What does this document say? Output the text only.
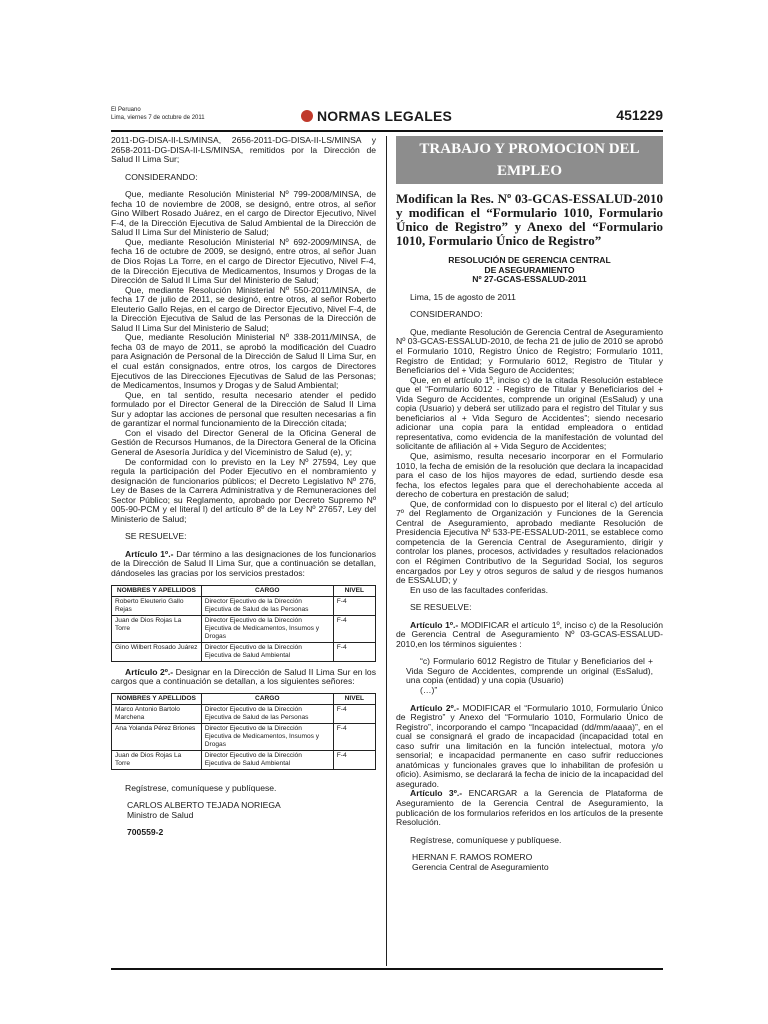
El Peruano
Lima, viernes 7 de octubre de 2011	NORMAS LEGALES	451229

2011-DG-DISA-II-LS/MINSA, 2656-2011-DG-DISA-II-LS/MINSA y 2658-2011-DG-DISA-II-LS/MINSA, remitidos por la Dirección de Salud II Lima Sur;

CONSIDERANDO:

Que, mediante Resolución Ministerial Nº 799-2008/MINSA, de fecha 10 de noviembre de 2008, se designó, entre otros, al señor Gino Wilbert Rosado Juárez, en el cargo de Director Ejecutivo, Nivel F-4, de la Dirección Ejecutiva de Salud Ambiental de la Dirección de Salud II Lima Sur del Ministerio de Salud;

Que, mediante Resolución Ministerial Nº 692-2009/MINSA, de fecha 16 de octubre de 2009, se designó, entre otros, al señor Juan de Dios Rojas La Torre, en el cargo de Director Ejecutivo, Nivel F-4, de la Dirección Ejecutiva de Medicamentos, Insumos y Drogas de la Dirección de Salud II Lima Sur del Ministerio de Salud;

Que, mediante Resolución Ministerial Nº 550-2011/MINSA, de fecha 17 de julio de 2011, se designó, entre otros, al señor Roberto Eleuterio Gallo Rejas, en el cargo de Director Ejecutivo, Nivel F-4, de la Dirección Ejecutiva de Salud de las Personas de la Dirección de Salud II Lima Sur del Ministerio de Salud;

Que, mediante Resolución Ministerial Nº 338-2011/MINSA, de fecha 03 de mayo de 2011, se aprobó la modificación del Cuadro para Asignación de Personal de la Dirección de Salud II Lima Sur, en el cual están consignados, entre otros, los cargos de Directores Ejecutivos de las Direcciones Ejecutivas de Salud de las Personas; de Medicamentos, Insumos y Drogas y de Salud Ambiental;

Que, en tal sentido, resulta necesario atender el pedido formulado por el Director General de la Dirección de Salud II Lima Sur y adoptar las acciones de personal que resulten necesarias a fin de garantizar el normal funcionamiento de la Dirección citada;

Con el visado del Director General de la Oficina General de Gestión de Recursos Humanos, de la Directora General de la Oficina General de Asesoría Jurídica y del Viceministro de Salud (e), y;

De conformidad con lo previsto en la Ley Nº 27594, Ley que regula la participación del Poder Ejecutivo en el nombramiento y designación de funcionarios públicos; el Decreto Legislativo Nº 276, Ley de Bases de la Carrera Administrativa y de Remuneraciones del Sector Público; su Reglamento, aprobado por Decreto Supremo Nº 005-90-PCM y el literal l) del artículo 8º de la Ley Nº 27657, Ley del Ministerio de Salud;

SE RESUELVE:

Artículo 1º.- Dar término a las designaciones de los funcionarios de la Dirección de Salud II Lima Sur, que a continuación se detallan, dándoseles las gracias por los servicios prestados:

NOMBRES Y APELLIDOS	CARGO	NIVEL
Roberto Eleuterio Gallo Rejas	Director Ejecutivo de la Dirección Ejecutiva de Salud de las Personas	F-4
Juan de Dios Rojas La Torre	Director Ejecutivo de la Dirección Ejecutiva de Medicamentos, Insumos y Drogas	F-4
Gino Wilbert Rosado Juárez	Director Ejecutivo de la Dirección Ejecutiva de Salud Ambiental	F-4

Artículo 2º.- Designar en la Dirección de Salud II Lima Sur en los cargos que a continuación se detallan, a los siguientes señores:

NOMBRES Y APELLIDOS	CARGO	NIVEL
Marco Antonio Bartolo Marchena	Director Ejecutivo de la Dirección Ejecutiva de Salud de las Personas	F-4
Ana Yolanda Pérez Briones	Director Ejecutivo de la Dirección Ejecutiva de Medicamentos, Insumos y Drogas	F-4
Juan de Dios Rojas La Torre	Director Ejecutivo de la Dirección Ejecutiva de Salud Ambiental	F-4

Regístrese, comuníquese y publíquese.

CARLOS ALBERTO TEJADA NORIEGA

Ministro de Salud

700559-2

TRABAJO Y PROMOCION DEL EMPLEO

Modifican la Res. Nº 03-GCAS-ESSALUD-2010 y modifican el “Formulario 1010, Formulario Único de Registro” y Anexo del “Formulario 1010, Formulario Único de Registro”

RESOLUCIÓN DE GERENCIA CENTRAL
DE ASEGURAMIENTO
Nº 27-GCAS-ESSALUD-2011

Lima, 15 de agosto de 2011

CONSIDERANDO:

Que, mediante Resolución de Gerencia Central de Aseguramiento Nº 03-GCAS-ESSALUD-2010, de fecha 21 de julio de 2010 se aprobó el Formulario 1010, Registro Único de Registro; Formulario 1011, Registro de Entidad; y Formulario 6012, Registro de Titular y Beneficiarios del + Vida Seguro de Accidentes;

Que, en el artículo 1º, inciso c) de la citada Resolución establece que el “Formulario 6012 - Registro de Titular y Beneficiarios del + Vida Seguro de Accidentes, comprende un original (EsSalud) y una copia (Usuario) y deberá ser utilizado para el registro del Titular y sus beneficiarios al + Vida Seguro de Accidentes”; siendo necesario adicionar una copia para la entidad empleadora o entidad representativa, como evidencia de la manifestación de voluntad del solicitante de afiliación al + Vida Seguro de Accidentes;

Que, asimismo, resulta necesario incorporar en el Formulario 1010, la fecha de emisión de la resolución que declara la incapacidad para el caso de los hijos mayores de edad, surtiendo desde esa fecha, los efectos legales para que el derechohabiente acceda al derecho de cobertura en prestación de salud;

Que, de conformidad con lo dispuesto por el literal c) del artículo 7º del Reglamento de Organización y Funciones de la Gerencia Central de Aseguramiento, aprobado mediante Resolución de Presidencia Ejecutiva Nº 533-PE-ESSALUD-2011, se establece como competencia de la Gerencia Central de Aseguramiento, dirigir y controlar los planes, procesos, actividades y resultados relacionados con el Régimen Contributivo de la Seguridad Social, los seguros encargados por Ley y otros seguros de salud y de riesgos humanos de ESSALUD; y

En uso de las facultades conferidas.

SE RESUELVE:

Artículo 1º.- MODIFICAR el artículo 1º, inciso c) de la Resolución de Gerencia Central de Aseguramiento Nº 03-GCAS-ESSALUD-2010,en los términos siguientes :

“c) Formulario 6012 Registro de Titular y Beneficiarios del + Vida Seguro de Accidentes, comprende un original (EsSalud), una copia (entidad) y una copia (Usuario)

(…)”

Artículo 2º.- MODIFICAR el “Formulario 1010, Formulario Único de Registro” y Anexo del “Formulario 1010, Formulario Único de Registro”, incorporando el campo “Incapacidad (dd/mm/aaaa)”, en el cual se consignará el grado de incapacidad (incapacidad total en caso sufrir una limitación en la función intelectual, motora y/o sensorial; e incapacidad permanente en caso sufrir reducciones anatómicas y funcionales graves que lo inhabilitan de profesión u oficio). Asimismo, se declarará la fecha de inicio de la incapacidad del asegurado.

Artículo 3º.- ENCARGAR a la Gerencia de Plataforma de Aseguramiento de la Gerencia Central de Aseguramiento, la publicación de los formularios referidos en los artículos de la presente Resolución.

Regístrese, comuníquese y publíquese.

HERNAN F. RAMOS ROMERO

Gerencia Central de Aseguramiento
